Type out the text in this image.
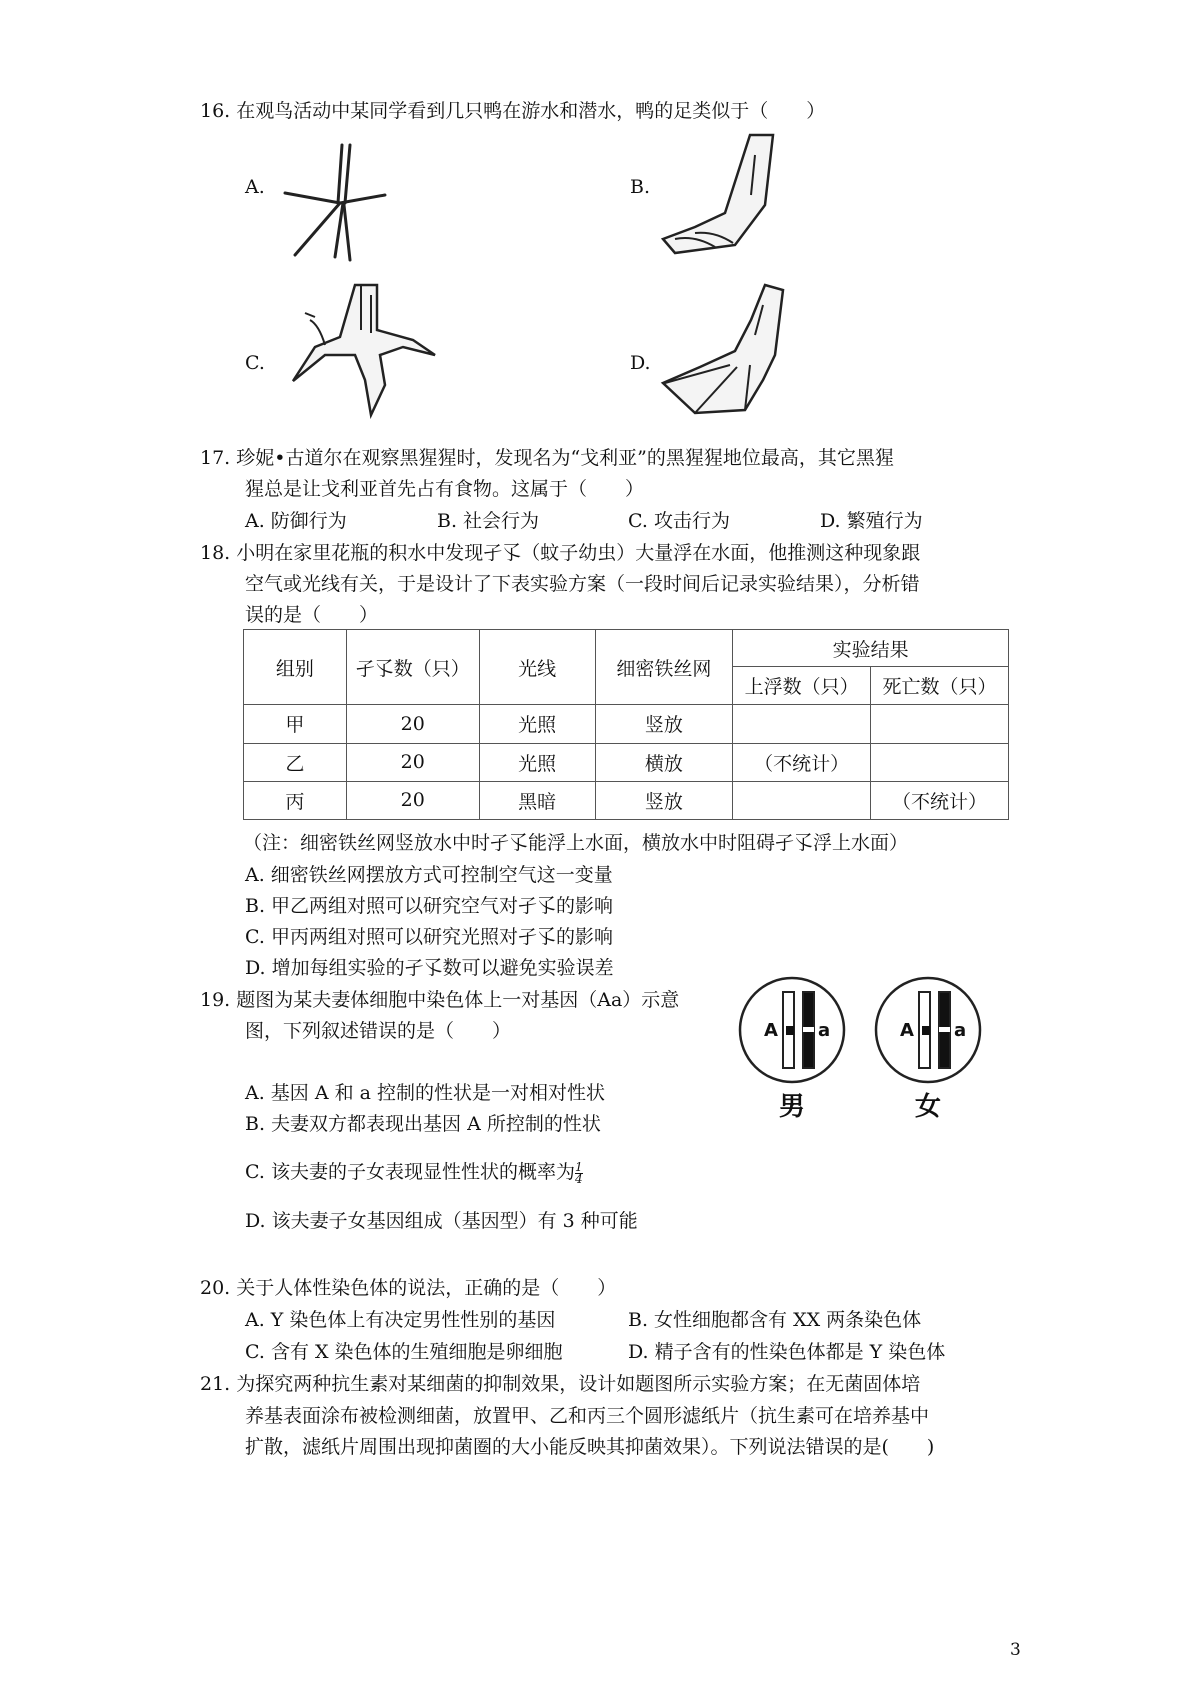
16. 在观鸟活动中某同学看到几只鸭在游水和潜水，鸭的足类似于（　　）
A.	B.
C.	D.
17. 珍妮•古道尔在观察黑猩猩时，发现名为“戈利亚”的黑猩猩地位最高，其它黑猩
猩总是让戈利亚首先占有食物。这属于（　　）
A. 防御行为	B. 社会行为	C. 攻击行为	D. 繁殖行为
18. 小明在家里花瓶的积水中发现孑孓（蚊子幼虫）大量浮在水面，他推测这种现象跟
空气或光线有关，于是设计了下表实验方案（一段时间后记录实验结果），分析错
误的是（　　）
组别	孑孓数（只）	光线	细密铁丝网	实验结果	
				上浮数（只）	死亡数（只）
甲	20	光照	竖放		
乙	20	光照	横放	（不统计）	
丙	20	黑暗	竖放		（不统计）
（注：细密铁丝网竖放水中时孑孓能浮上水面，横放水中时阻碍孑孓浮上水面）
A. 细密铁丝网摆放方式可控制空气这一变量
B. 甲乙两组对照可以研究空气对孑孓的影响
C. 甲丙两组对照可以研究光照对孑孓的影响
D. 增加每组实验的孑孓数可以避免实验误差
19. 题图为某夫妻体细胞中染色体上一对基因（Aa）示意
图，下列叙述错误的是（　　）
A. 基因 A 和 a 控制的性状是一对相对性状
B. 夫妻双方都表现出基因 A 所控制的性状
C. 该夫妻的子女表现显性性状的概率为 $\frac{1}{4}$
D. 该夫妻子女基因组成（基因型）有 3 种可能
A a	A a
男	女
20. 关于人体性染色体的说法，正确的是（　　）
A. Y 染色体上有决定男性性别的基因	B. 女性细胞都含有 XX 两条染色体
C. 含有 X 染色体的生殖细胞是卵细胞	D. 精子含有的性染色体都是 Y 染色体
21. 为探究两种抗生素对某细菌的抑制效果，设计如题图所示实验方案；在无菌固体培
养基表面涂布被检测细菌，放置甲、乙和丙三个圆形滤纸片（抗生素可在培养基中
扩散，滤纸片周围出现抑菌圈的大小能反映其抑菌效果）。下列说法错误的是(　　)
3
